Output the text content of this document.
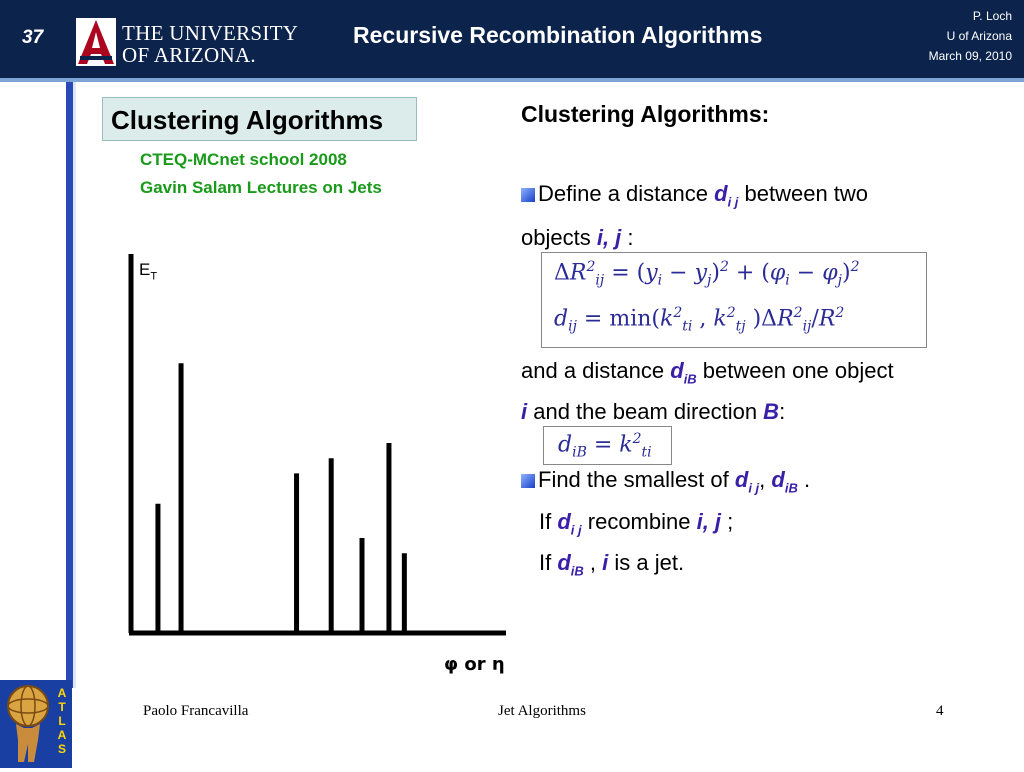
37	THE UNIVERSITY
OF ARIZONA.
Recursive Recombination Algorithms
P. Loch
U of Arizona
March 09, 2010
A
T
L
A
S
Clustering Algorithms
CTEQ-MCnet school 2008
Gavin Salam Lectures on Jets
$E_T$
φ or η
Clustering Algorithms:
Define a distance $d_{i j}$ between two
objects i, j :
$\Delta R^2_{ij} = (y_i - y_j)^2 + (\varphi_i - \varphi_j)^2$
$d_{ij} = \min(k^2_{ti}$ , $k^2_{tj}$ )$\Delta R^2_{ij}/R^2$
and a distance $d_{iB}$ between one object
i and the beam direction B:
$d_{iB} = k^2_{ti}$
Find the smallest of $d_{i j}$, $d_{iB}$ .
If $d_{i j}$ recombine i, j ;
If $d_{iB}$ , i is a jet.
Paolo Francavilla	Jet Algorithms	4
